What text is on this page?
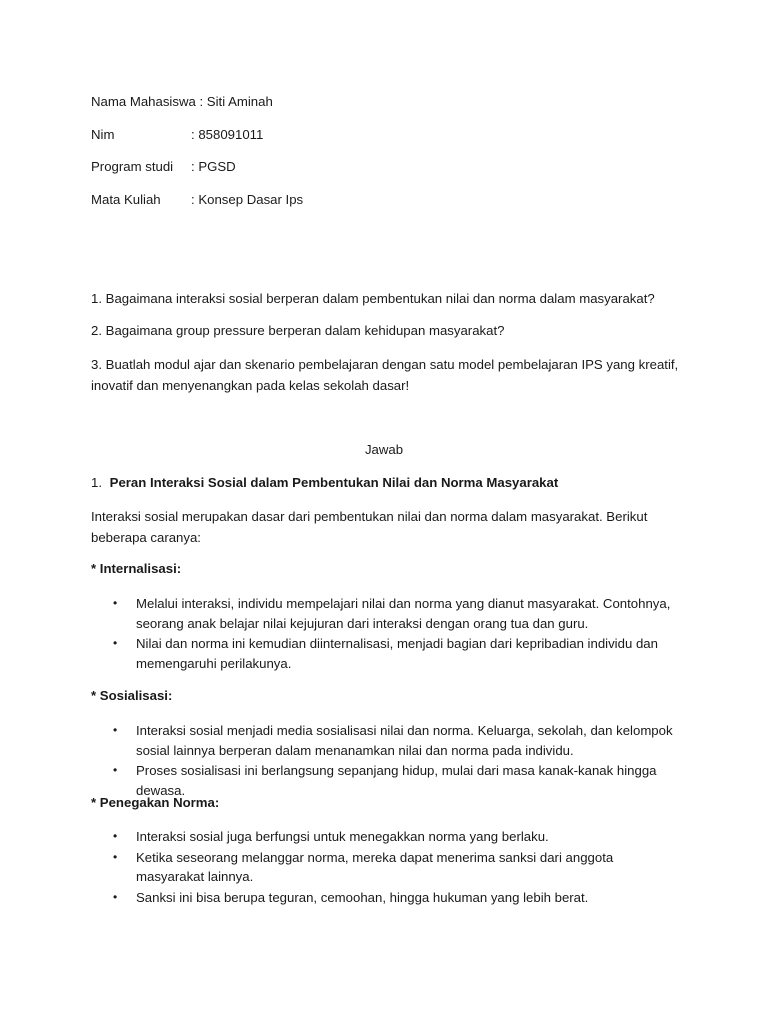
Nama Mahasiswa : Siti Aminah
Nim	: 858091011
Program studi : PGSD
Mata Kuliah : Konsep Dasar Ips
1. Bagaimana interaksi sosial berperan dalam pembentukan nilai dan norma dalam masyarakat?
2. Bagaimana group pressure berperan dalam kehidupan masyarakat?
3. Buatlah modul ajar dan skenario pembelajaran dengan satu model pembelajaran IPS yang kreatif, inovatif dan menyenangkan pada kelas sekolah dasar!
Jawab
1. Peran Interaksi Sosial dalam Pembentukan Nilai dan Norma Masyarakat
Interaksi sosial merupakan dasar dari pembentukan nilai dan norma dalam masyarakat. Berikut beberapa caranya:
* Internalisasi:
• Melalui interaksi, individu mempelajari nilai dan norma yang dianut masyarakat. Contohnya, seorang anak belajar nilai kejujuran dari interaksi dengan orang tua dan guru.
• Nilai dan norma ini kemudian diinternalisasi, menjadi bagian dari kepribadian individu dan memengaruhi perilakunya.
* Sosialisasi:
• Interaksi sosial menjadi media sosialisasi nilai dan norma. Keluarga, sekolah, dan kelompok sosial lainnya berperan dalam menanamkan nilai dan norma pada individu.
• Proses sosialisasi ini berlangsung sepanjang hidup, mulai dari masa kanak-kanak hingga dewasa.
* Penegakan Norma:
• Interaksi sosial juga berfungsi untuk menegakkan norma yang berlaku.
• Ketika seseorang melanggar norma, mereka dapat menerima sanksi dari anggota masyarakat lainnya.
• Sanksi ini bisa berupa teguran, cemoohan, hingga hukuman yang lebih berat.
